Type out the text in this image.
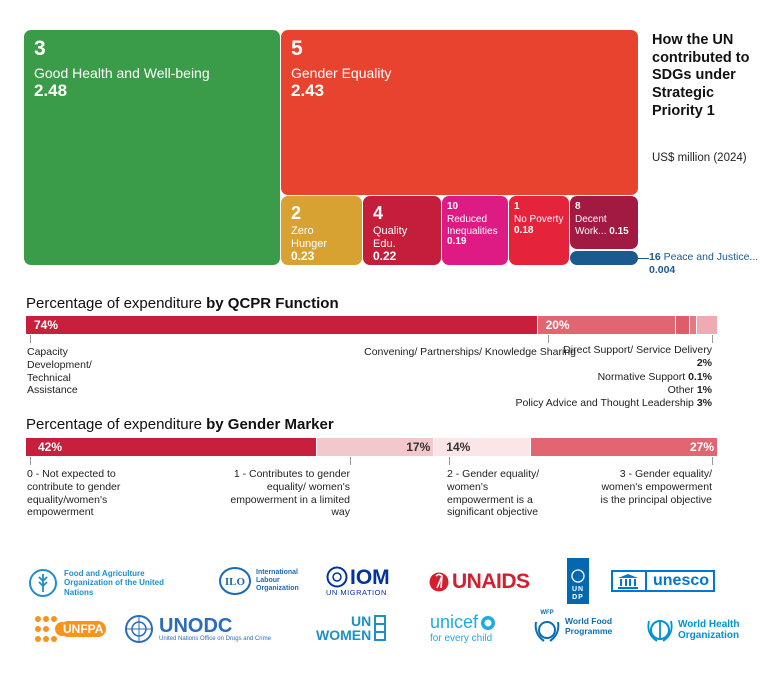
3
Good Health and Well-being
2.48
5
Gender Equality
2.43
2
Zero Hunger
0.23
4
Quality Edu.
0.22
10
Reduced Inequalities
0.19
1
No Poverty
0.18
8
Decent Work... 0.15
16 Peace and Justice...
0.004
How the UN contributed to SDGs under Strategic Priority 1
US$ million (2024)
Percentage of expenditure by QCPR Function
74%	20%
Capacity Development/ Technical Assistance
Convening/ Partnerships/ Knowledge Sharing
Direct Support/ Service Delivery 2%
Normative Support 0.1%
Other 1%
Policy Advice and Thought Leadership 3%
Percentage of expenditure by Gender Marker
42%	17% 14%	27%
0 - Not expected to contribute to gender equality/women's empowerment
1 - Contributes to gender equality/ women's empowerment in a limited way
2 - Gender equality/ women's empowerment is a significant objective
3 - Gender equality/ women's empowerment is the principal objective
Food and Agriculture Organization of the United Nations
ILO
International Labour Organization
IOM
UN MIGRATION	UNAIDS	UNDP
unesco
UNFPA	UNODC
United Nations Office on Drugs and Crime
UN
WOMEN
unicef
for every child
WFP
World Food Programme
World Health Organization
